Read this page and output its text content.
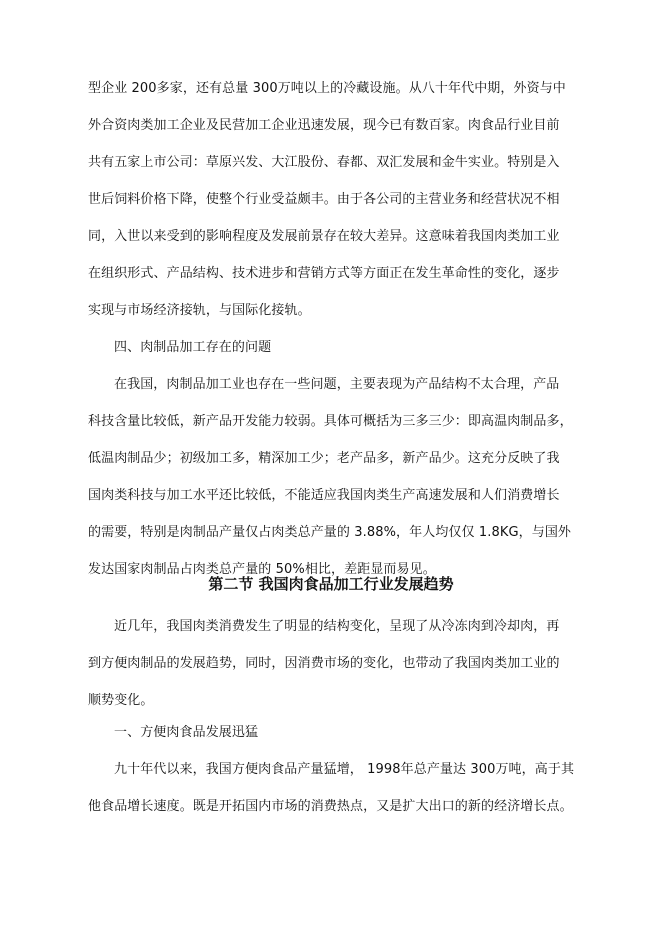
型企业 200多家，还有总量 300万吨以上的冷藏设施。从八十年代中期，外资与中
外合资肉类加工企业及民营加工企业迅速发展，现今已有数百家。肉食品行业目前
共有五家上市公司：草原兴发、大江股份、春都、双汇发展和金牛实业。特别是入
世后饲料价格下降，使整个行业受益颇丰。由于各公司的主营业务和经营状况不相
同，入世以来受到的影响程度及发展前景存在较大差异。这意味着我国肉类加工业
在组织形式、产品结构、技术进步和营销方式等方面正在发生革命性的变化，逐步
实现与市场经济接轨，与国际化接轨。
四、肉制品加工存在的问题
在我国，肉制品加工业也存在一些问题，主要表现为产品结构不太合理，产品
科技含量比较低，新产品开发能力较弱。具体可概括为三多三少：即高温肉制品多，
低温肉制品少；初级加工多，精深加工少；老产品多，新产品少。这充分反映了我
国肉类科技与加工水平还比较低，不能适应我国肉类生产高速发展和人们消费增长
的需要，特别是肉制品产量仅占肉类总产量的 3.88%，年人均仅仅 1.8KG，与国外
发达国家肉制品占肉类总产量的 50%相比，差距显而易见。
第二节 我国肉食品加工行业发展趋势
近几年，我国肉类消费发生了明显的结构变化，呈现了从冷冻肉到冷却肉，再
到方便肉制品的发展趋势，同时，因消费市场的变化，也带动了我国肉类加工业的
顺势变化。
一、方便肉食品发展迅猛
九十年代以来，我国方便肉食品产量猛增， 1998年总产量达 300万吨，高于其
他食品增长速度。既是开拓国内市场的消费热点，又是扩大出口的新的经济增长点。
